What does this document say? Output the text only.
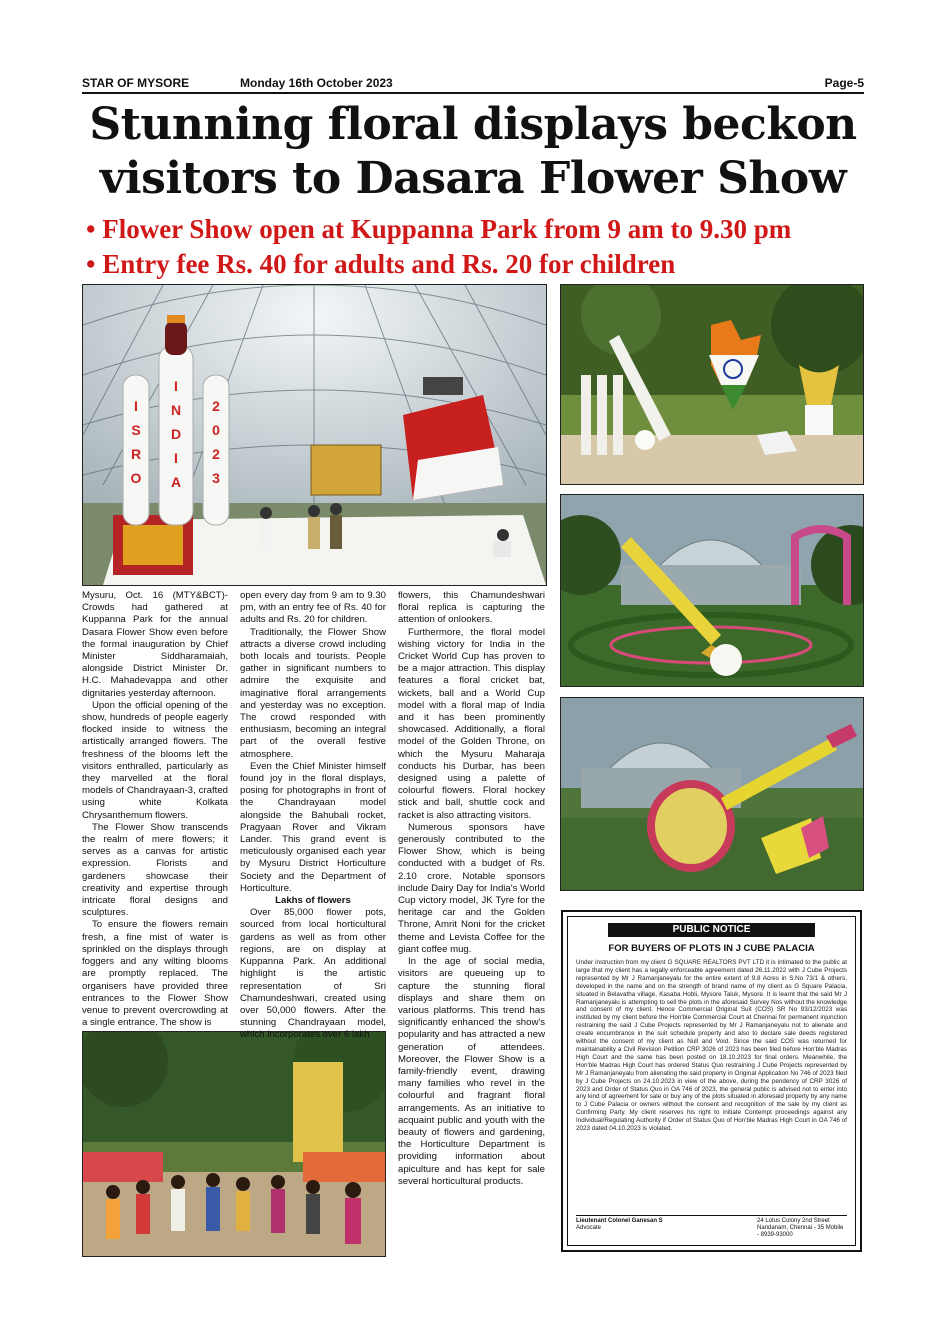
STAR OF MYSORE	Monday 16th October 2023	Page-5
Stunning floral displays beckon
visitors to Dasara Flower Show
• Flower Show open at Kuppanna Park from 9 am to 9.30 pm
• Entry fee Rs. 40 for adults and Rs. 20 for children
I
N
D
I
A
I
S
R
O
2
0
2
3

Mysuru, Oct. 16 (MTY&BCT)- Crowds had gathered at Kuppanna Park for the annual Dasara Flower Show even before the formal inauguration by Chief Minister Siddharamaiah, alongside District Minister Dr. H.C. Mahadevappa and other dignitaries yesterday afternoon.

Upon the official opening of the show, hundreds of people eagerly flocked inside to witness the artistically arranged flowers. The freshness of the blooms left the visitors enthralled, particularly as they marvelled at the floral models of Chandrayaan-3, crafted using white Kolkata Chrysanthemum flowers.

The Flower Show transcends the realm of mere flowers; it serves as a canvas for artistic expression. Florists and gardeners showcase their creativity and expertise through intricate floral designs and sculptures.

To ensure the flowers remain fresh, a fine mist of water is sprinkled on the displays through foggers and any wilting blooms are promptly replaced. The organisers have provided three entrances to the Flower Show venue to prevent overcrowding at a single entrance. The show is

open every day from 9 am to 9.30 pm, with an entry fee of Rs. 40 for adults and Rs. 20 for children.

Traditionally, the Flower Show attracts a diverse crowd including both locals and tourists. People gather in significant numbers to admire the exquisite and imaginative floral arrangements and yesterday was no exception. The crowd responded with enthusiasm, becoming an integral part of the overall festive atmosphere.

Even the Chief Minister himself found joy in the floral displays, posing for photographs in front of the Chandrayaan model alongside the Bahubali rocket, Pragyaan Rover and Vikram Lander. This grand event is meticulously organised each year by Mysuru District Horticulture Society and the Department of Horticulture.

Lakhs of flowers

Over 85,000 flower pots, sourced from local horticultural gardens as well as from other regions, are on display at Kuppanna Park. An additional highlight is the artistic representation of Sri Chamundeshwari, created using over 50,000 flowers. After the stunning Chandrayaan model, which incorporates over 6 lakh

flowers, this Chamundeshwari floral replica is capturing the attention of onlookers.

Furthermore, the floral model wishing victory for India in the Cricket World Cup has proven to be a major attraction. This display features a floral cricket bat, wickets, ball and a World Cup model with a floral map of India and it has been prominently showcased. Additionally, a floral model of the Golden Throne, on which the Mysuru Maharaja conducts his Durbar, has been designed using a palette of colourful flowers. Floral hockey stick and ball, shuttle cock and racket is also attracting visitors.

Numerous sponsors have generously contributed to the Flower Show, which is being conducted with a budget of Rs. 2.10 crore. Notable sponsors include Dairy Day for India's World Cup victory model, JK Tyre for the heritage car and the Golden Throne, Amrit Noni for the cricket theme and Levista Coffee for the giant coffee mug.

In the age of social media, visitors are queueing up to capture the stunning floral displays and share them on various platforms. This trend has significantly enhanced the show's popularity and has attracted a new generation of attendees. Moreover, the Flower Show is a family-friendly event, drawing many families who revel in the colourful and fragrant floral arrangements. As an initiative to acquaint public and youth with the beauty of flowers and gardening, the Horticulture Department is providing information about apiculture and has kept for sale several horticultural products.

PUBLIC NOTICE
FOR BUYERS OF PLOTS IN J CUBE PALACIA
Under instruction from my client G SQUARE REALTORS PVT LTD it is intimated to the public at large that my client has a legally enforceable agreement dated 26.11.2022 with J Cube Projects represented by Mr J Ramanjaneyalu for the entire extent of 9.8 Acres in S.No 73/1 & others, developed in the name and on the strength of brand name of my client as G Square Palacia, situated in Belavatha village, Kasaba Hobli, Mysore Taluk, Mysore. It is learnt that the said Mr J Ramanjaneyalu is attempting to sell the plots in the aforesaid Survey Nos without the knowledge and consent of my client. Hence Commercial Original Suit (COS) SR No 93/12/2023 was instituted by my client before the Hon'ble Commercial Court at Chennai for permanent injunction restraining the said J Cube Projects represented by Mr J Ramanjaneyalu not to alienate and create encumbrance in the suit schedule property and also to declare sale deeds registered without the consent of my client as Null and Void. Since the said COS was returned for maintainability a Civil Revision Petition CRP 3026 of 2023 has been filed before Hon'ble Madras High Court and the same has been posted on 18.10.2023 for final orders. Meanwhile, the Hon'ble Madras High Court has ordered Status Quo restraining J Cube Projects represented by Mr J Ramanjaneyalu from alienating the said property in Original Application No 746 of 2023 filed by J Cube Projects on 24.10.2023 in view of the above, during the pendency of CRP 3026 of 2023 and Order of Status Quo in OA 746 of 2023, the general public is advised not to enter into any kind of agreement for sale or buy any of the plots situated in aforesaid property by any name to J Cube Palacia or owners without the consent and recognition of the sale by my client as Confirming Party. My client reserves his right to initiate Contempt proceedings against any Individual/Regulating Authority if Order of Status Quo of Hon'ble Madras High Court in OA 746 of 2023 dated 04.10.2023 is violated.
24 Lotus Colony 2nd Street Nandanam, Chennai - 35 Mobile - 8939-93000
Lieutenant Colonel Ganesan S
Advocate
